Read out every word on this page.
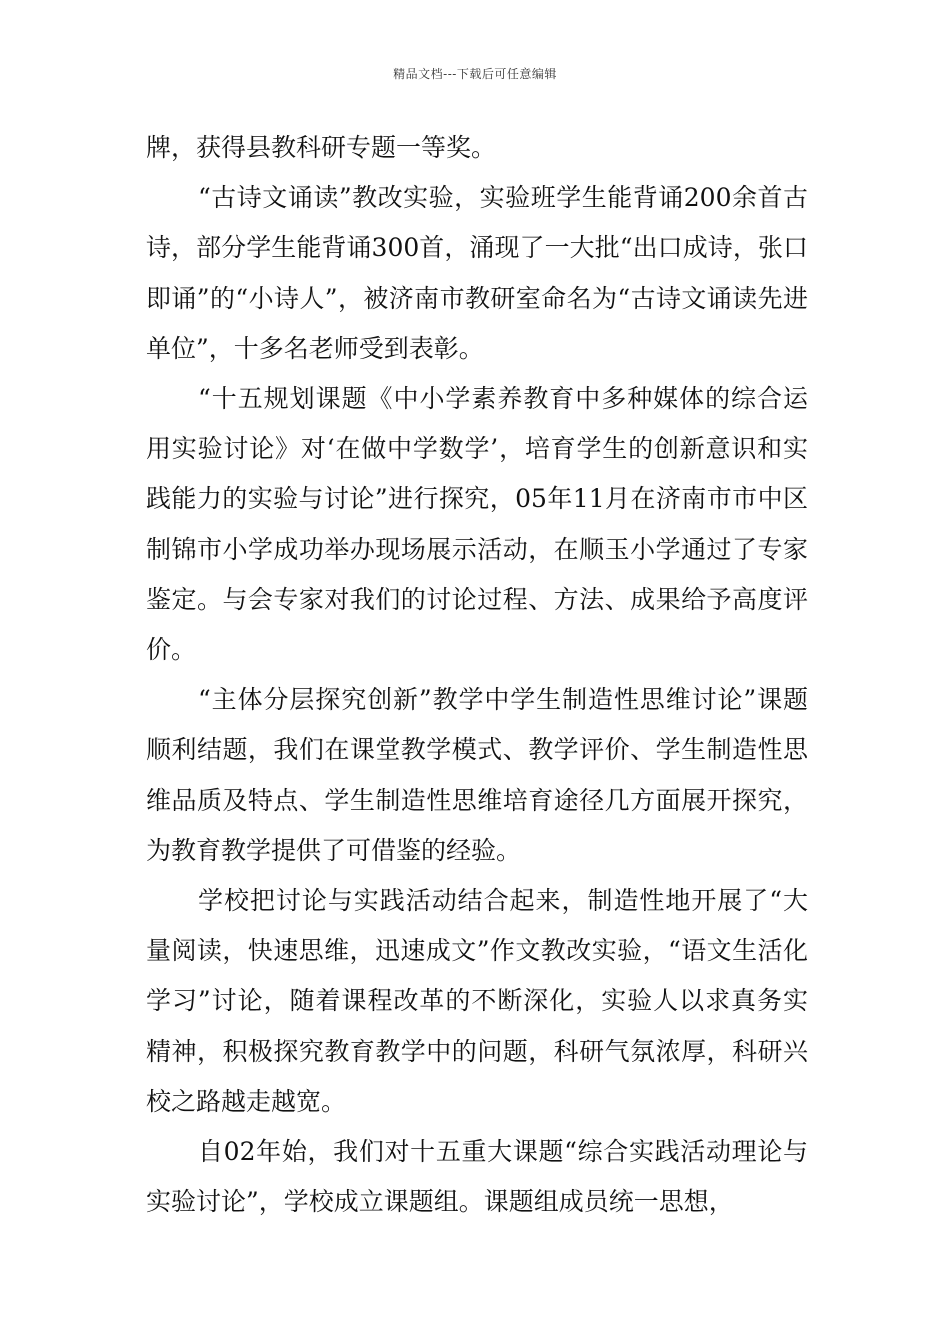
精品文档---下载后可任意编辑

牌，获得县教科研专题一等奖。

“古诗文诵读”教改实验，实验班学生能背诵200余首古诗，部分学生能背诵300首，涌现了一大批“出口成诗，张口即诵”的“小诗人”，被济南市教研室命名为“古诗文诵读先进单位”，十多名老师受到表彰。

“十五规划课题《中小学素养教育中多种媒体的综合运用实验讨论》对‘在做中学数学’，培育学生的创新意识和实践能力的实验与讨论”进行探究，05年11月在济南市市中区制锦市小学成功举办现场展示活动，在顺玉小学通过了专家鉴定。与会专家对我们的讨论过程、方法、成果给予高度评价。

“主体分层探究创新”教学中学生制造性思维讨论”课题顺利结题，我们在课堂教学模式、教学评价、学生制造性思维品质及特点、学生制造性思维培育途径几方面展开探究，为教育教学提供了可借鉴的经验。

学校把讨论与实践活动结合起来，制造性地开展了“大量阅读，快速思维，迅速成文”作文教改实验，“语文生活化学习”讨论，随着课程改革的不断深化，实验人以求真务实精神，积极探究教育教学中的问题，科研气氛浓厚，科研兴校之路越走越宽。

自02年始，我们对十五重大课题“综合实践活动理论与实验讨论”，学校成立课题组。课题组成员统一思想，
